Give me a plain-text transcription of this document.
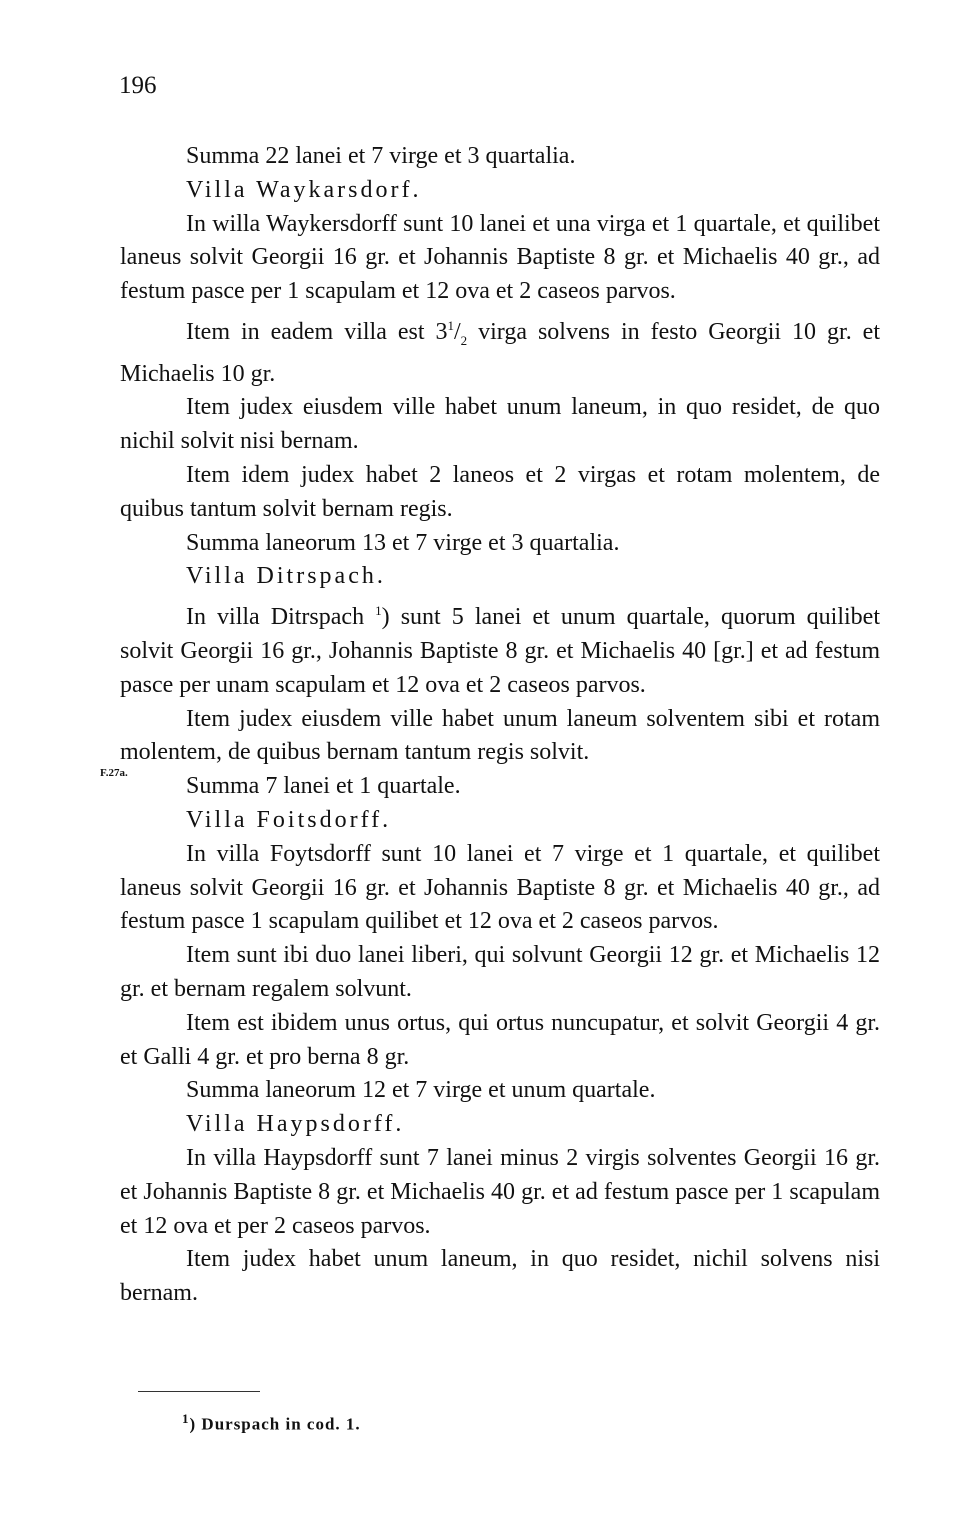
196
F.27a.

Summa 22 lanei et 7 virge et 3 quartalia.

Villa Waykarsdorf.

In willa Waykersdorff sunt 10 lanei et una virga et 1 quartale, et quilibet laneus solvit Georgii 16 gr. et Johannis Baptiste 8 gr. et Michaelis 40 gr., ad festum pasce per 1 scapulam et 12 ova et 2 caseos parvos.

Item in eadem villa est $3^1/_2$ virga solvens in festo Georgii 10 gr. et Michaelis 10 gr.

Item judex eiusdem ville habet unum laneum, in quo residet, de quo nichil solvit nisi bernam.

Item idem judex habet 2 laneos et 2 virgas et rotam molentem, de quibus tantum solvit bernam regis.

Summa laneorum 13 et 7 virge et 3 quartalia.

Villa Ditrspach.

In villa Ditrspach $^1$) sunt 5 lanei et unum quartale, quorum quilibet solvit Georgii 16 gr., Johannis Baptiste 8 gr. et Michaelis 40 [gr.] et ad festum pasce per unam scapulam et 12 ova et 2 caseos parvos.

Item judex eiusdem ville habet unum laneum solventem sibi et rotam molentem, de quibus bernam tantum regis solvit.

Summa 7 lanei et 1 quartale.

Villa Foitsdorff.

In villa Foytsdorff sunt 10 lanei et 7 virge et 1 quartale, et quilibet laneus solvit Georgii 16 gr. et Johannis Baptiste 8 gr. et Michaelis 40 gr., ad festum pasce 1 scapulam quilibet et 12 ova et 2 caseos parvos.

Item sunt ibi duo lanei liberi, qui solvunt Georgii 12 gr. et Michaelis 12 gr. et bernam regalem solvunt.

Item est ibidem unus ortus, qui ortus nuncupatur, et solvit Georgii 4 gr. et Galli 4 gr. et pro berna 8 gr.

Summa laneorum 12 et 7 virge et unum quartale.

Villa Haypsdorff.

In villa Haypsdorff sunt 7 lanei minus 2 virgis solventes Georgii 16 gr. et Johannis Baptiste 8 gr. et Michaelis 40 gr. et ad festum pasce per 1 scapulam et 12 ova et per 2 caseos parvos.

Item judex habet unum laneum, in quo residet, nichil solvens nisi bernam.

$^1$) Durspach in cod. 1.
